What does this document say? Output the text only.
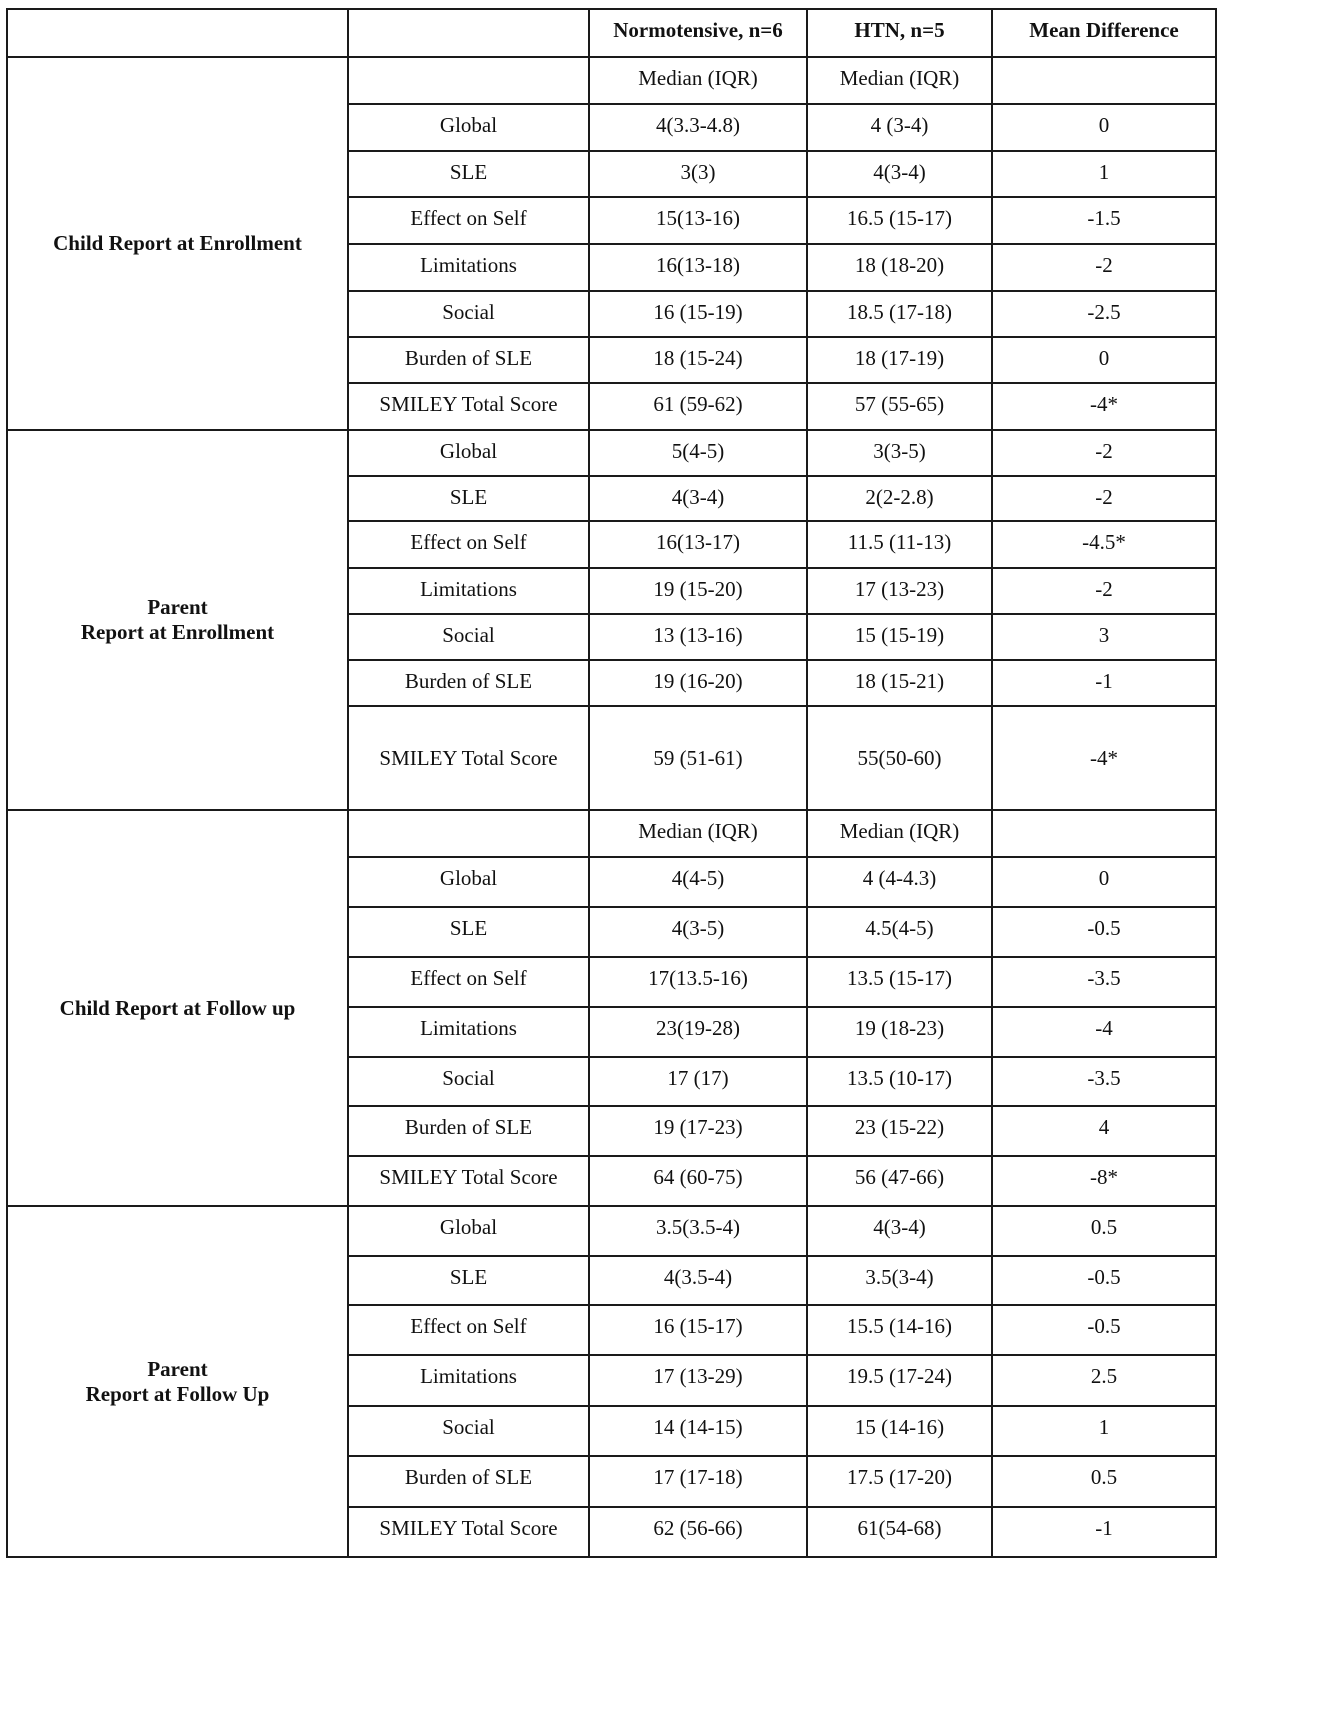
		Normotensive, n=6	HTN, n=5	Mean Difference

Child Report at Enrollment		Median (IQR)	Median (IQR)	
	Global	4(3.3-4.8)	4 (3-4)	0
	SLE	3(3)	4(3-4)	1
	Effect on Self	15(13-16)	16.5 (15-17)	-1.5
	Limitations	16(13-18)	18 (18-20)	-2
	Social	16 (15-19)	18.5 (17-18)	-2.5
	Burden of SLE	18 (15-24)	18 (17-19)	0
	SMILEY Total Score	61 (59-62)	57 (55-65)	-4*

Parent
Report at Enrollment	Global	5(4-5)	3(3-5)	-2
	SLE	4(3-4)	2(2-2.8)	-2
	Effect on Self	16(13-17)	11.5 (11-13)	-4.5*
	Limitations	19 (15-20)	17 (13-23)	-2
	Social	13 (13-16)	15 (15-19)	3
	Burden of SLE	19 (16-20)	18 (15-21)	-1
	SMILEY Total Score	59 (51-61)	55(50-60)	-4*

Child Report at Follow up		Median (IQR)	Median (IQR)	
	Global	4(4-5)	4 (4-4.3)	0
	SLE	4(3-5)	4.5(4-5)	-0.5
	Effect on Self	17(13.5-16)	13.5 (15-17)	-3.5
	Limitations	23(19-28)	19 (18-23)	-4
	Social	17 (17)	13.5 (10-17)	-3.5
	Burden of SLE	19 (17-23)	23 (15-22)	4
	SMILEY Total Score	64 (60-75)	56 (47-66)	-8*

Parent
Report at Follow Up	Global	3.5(3.5-4)	4(3-4)	0.5
	SLE	4(3.5-4)	3.5(3-4)	-0.5
	Effect on Self	16 (15-17)	15.5 (14-16)	-0.5
	Limitations	17 (13-29)	19.5 (17-24)	2.5
	Social	14 (14-15)	15 (14-16)	1
	Burden of SLE	17 (17-18)	17.5 (17-20)	0.5
	SMILEY Total Score	62 (56-66)	61(54-68)	-1
